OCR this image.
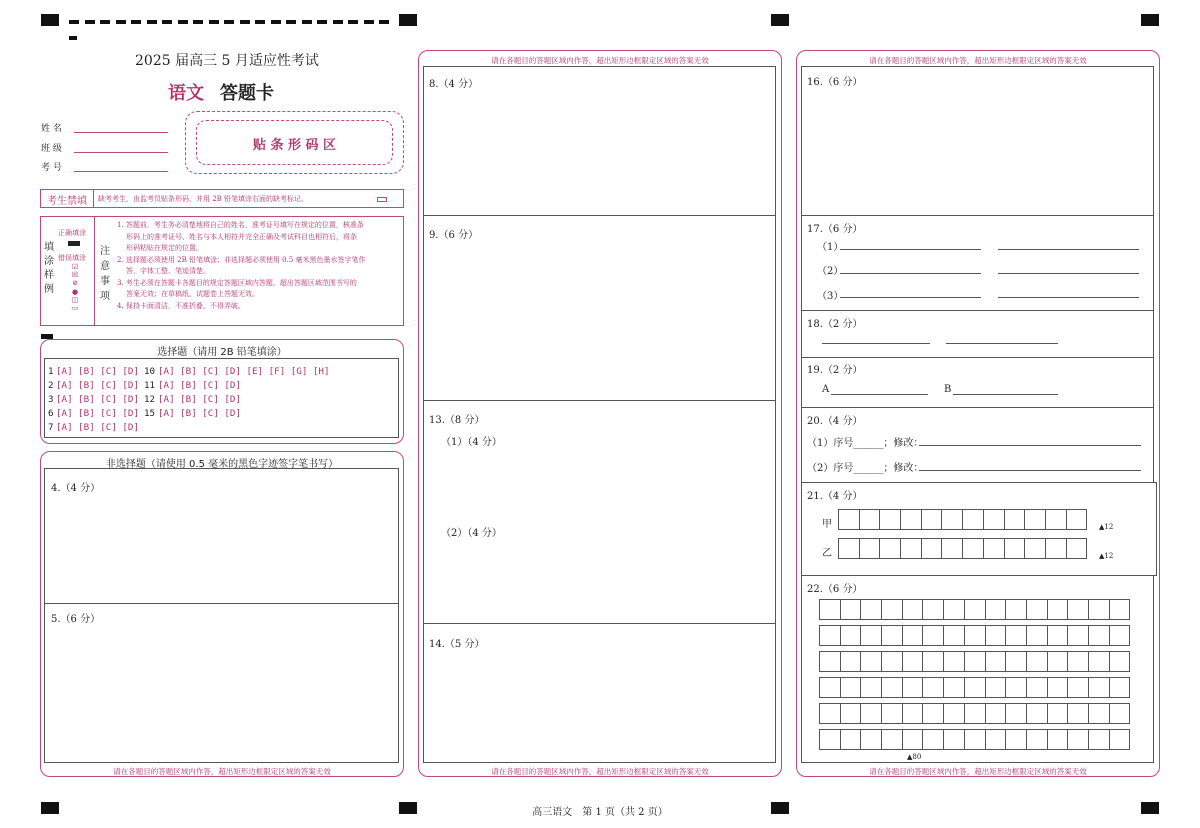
2025 届高三 5 月适应性考试
语文 答题卡
姓 名
班 级
考 号
贴 条 形 码 区
考生禁填	缺考考生，由监考员贴条形码，并用 2B 铅笔填涂右面的缺考标记。
填
涂
样
例
正确填涂
错误填涂
☑
☒
⊘
●
◫
▭
注
意
事
项
1. 答题前，考生务必清楚地将自己的姓名、准考证号填写在规定的位置，核准条
形码上的准考证号、姓名与本人相符并完全正确及考试科目也相符后，将条
形码粘贴在规定的位置。
2. 选择题必须使用 2B 铅笔填涂；非选择题必须使用 0.5 毫米黑色墨水签字笔作
答，字体工整、笔迹清楚。
3. 考生必须在答题卡各题目的规定答题区域内答题，超出答题区域范围书写的
答案无效；在草稿纸、试题卷上答题无效。
4. 保持卡面清洁，不准折叠、不得弄破。
选择题（请用 2B 铅笔填涂）
1 [A] [B] [C] [D] 10 [A] [B] [C] [D] [E] [F] [G] [H]
2 [A] [B] [C] [D] 11 [A] [B] [C] [D]
3 [A] [B] [C] [D] 12 [A] [B] [C] [D]
6 [A] [B] [C] [D] 15 [A] [B] [C] [D]
7 [A] [B] [C] [D]
非选择题（请使用 0.5 毫米的黑色字迹签字笔书写）
4.（4 分）
5.（6 分）
请在各题目的答题区域内作答，超出矩形边框限定区域的答案无效
请在各题目的答题区域内作答，超出矩形边框限定区域的答案无效
8.（4 分）
9.（6 分）
13.（8 分）
（1）（4 分）
（2）（4 分）
14.（5 分）
请在各题目的答题区域内作答，超出矩形边框限定区域的答案无效
请在各题目的答题区域内作答，超出矩形边框限定区域的答案无效
16.（6 分）
17.（6 分）
（1）
（2）
（3）
18.（2 分）
19.（2 分）
A	B
20.（4 分）
（1）序号______；修改：
（2）序号______；修改：
21.（4 分）
甲	▲12
乙	▲12
22.（6 分）
▲80
请在各题目的答题区域内作答，超出矩形边框限定区域的答案无效
高三语文　第 1 页（共 2 页）
